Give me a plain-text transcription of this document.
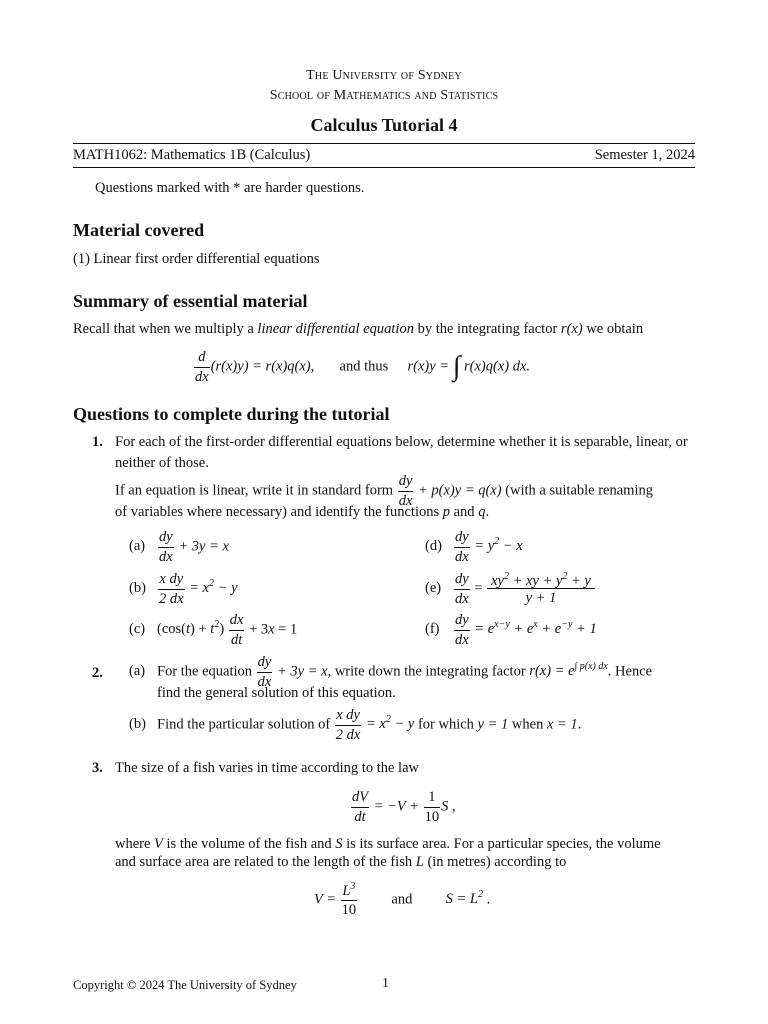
The University of Sydney
School of Mathematics and Statistics
Calculus Tutorial 4
MATH1062: Mathematics 1B (Calculus)	Semester 1, 2024
Questions marked with * are harder questions.
Material covered
(1) Linear first order differential equations
Summary of essential material
Recall that when we multiply a linear differential equation by the integrating factor r(x) we obtain
$\frac{d}{dx} (r(x)y) = r(x)q(x)$, and thus r(x)y = ∫ r(x)q(x) dx.
Questions to complete during the tutorial
1. For each of the first-order differential equations below, determine whether it is separable, linear, or neither of those.
If an equation is linear, write it in standard form $\frac{dy}{dx} + p(x)y = q(x)$ (with a suitable renaming
of variables where necessary) and identify the functions p and q.
$(a) \frac{dy}{dx} + 3y = x$
$(b) \frac{\text{x dy}}{2 dx} = x^2 - y$
(c) $(\cos(t) + t^2) \frac{dx}{dt} + 3x = 1$
$(d) \frac{dy}{dx} = y^2 - x$
$(e) \frac{dy}{dx} = \frac{xy^2 + xy + y^2 + y}{y + 1}$
$(f) \frac{dy}{dx} = e^{x-y} + e^x + e^{-y} + 1$
2. (a) For the equation $\frac{dy}{dx} + 3y = x$, write down the integrating factor $r(x) = e^{\int p(x) dx}$. Hence
find the general solution of this equation.
(b) Find the particular solution of $\frac{\text{x dy}}{2 dx} = x^2 - y$ for which y = 1 when x = 1.
3. The size of a fish varies in time according to the law
$\frac{dV}{dt} = -V + \frac{1}{10}$ S ,
where V is the volume of the fish and S is its surface area. For a particular species, the volume
and surface area are related to the length of the fish L (in metres) according to
$V = \frac{L^3}{10}$ and $S = L^2$ .
Copyright © 2024 The University of Sydney	1
